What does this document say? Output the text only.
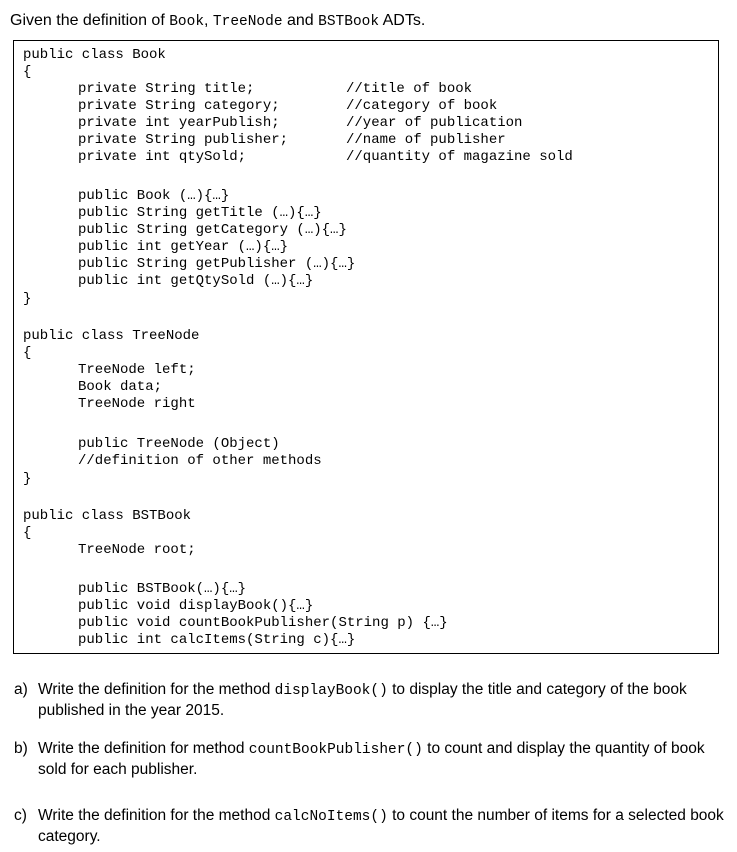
Given the definition of Book, TreeNode and BSTBook ADTs.
public class Book
{
private String title;	//title of book
private String category;	//category of book
private int yearPublish;	//year of publication
private String publisher;	//name of publisher
private int qtySold;	//quantity of magazine sold
public Book (…){…}
public String getTitle (…){…}
public String getCategory (…){…}
public int getYear (…){…}
public String getPublisher (…){…}
public int getQtySold (…){…}
}
public class TreeNode
{
TreeNode left;
Book data;
TreeNode right
public TreeNode (Object)
//definition of other methods
}
public class BSTBook
{
TreeNode root;
public BSTBook(…){…}
public void displayBook(){…}
public void countBookPublisher(String p) {…}
public int calcItems(String c){…}
a) Write the definition for the method displayBook() to display the title and category of the book published in the year 2015.
b) Write the definition for method countBookPublisher() to count and display the quantity of book sold for each publisher.
c) Write the definition for the method calcNoItems() to count the number of items for a selected book category.
